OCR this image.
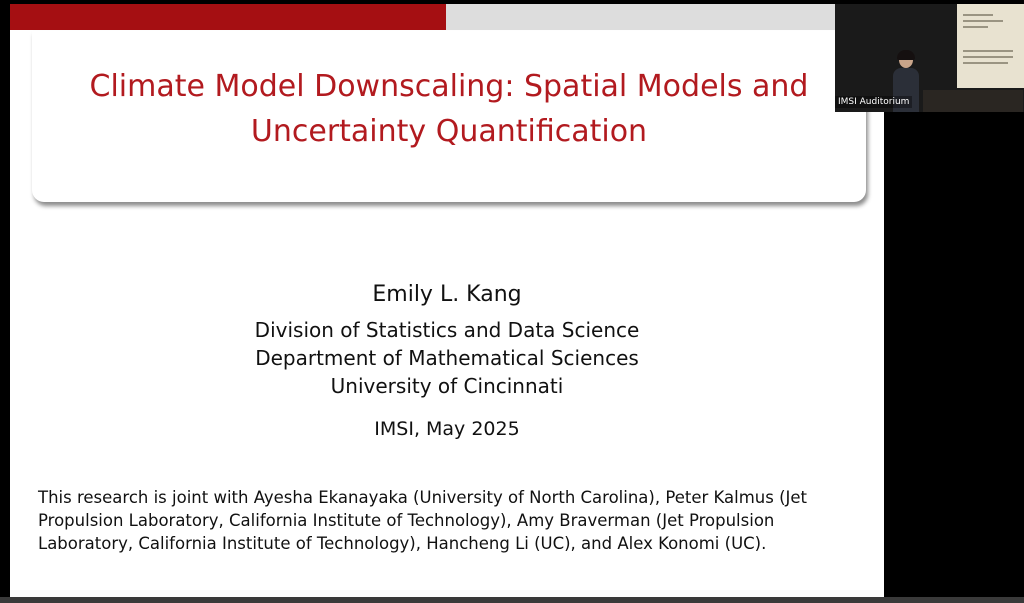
Climate Model Downscaling: Spatial Models and
Uncertainty Quantification
Emily L. Kang
Division of Statistics and Data Science
Department of Mathematical Sciences
University of Cincinnati
IMSI, May 2025
This research is joint with Ayesha Ekanayaka (University of North Carolina), Peter Kalmus (Jet
Propulsion Laboratory, California Institute of Technology), Amy Braverman (Jet Propulsion
Laboratory, California Institute of Technology), Hancheng Li (UC), and Alex Konomi (UC).
IMSI Auditorium
